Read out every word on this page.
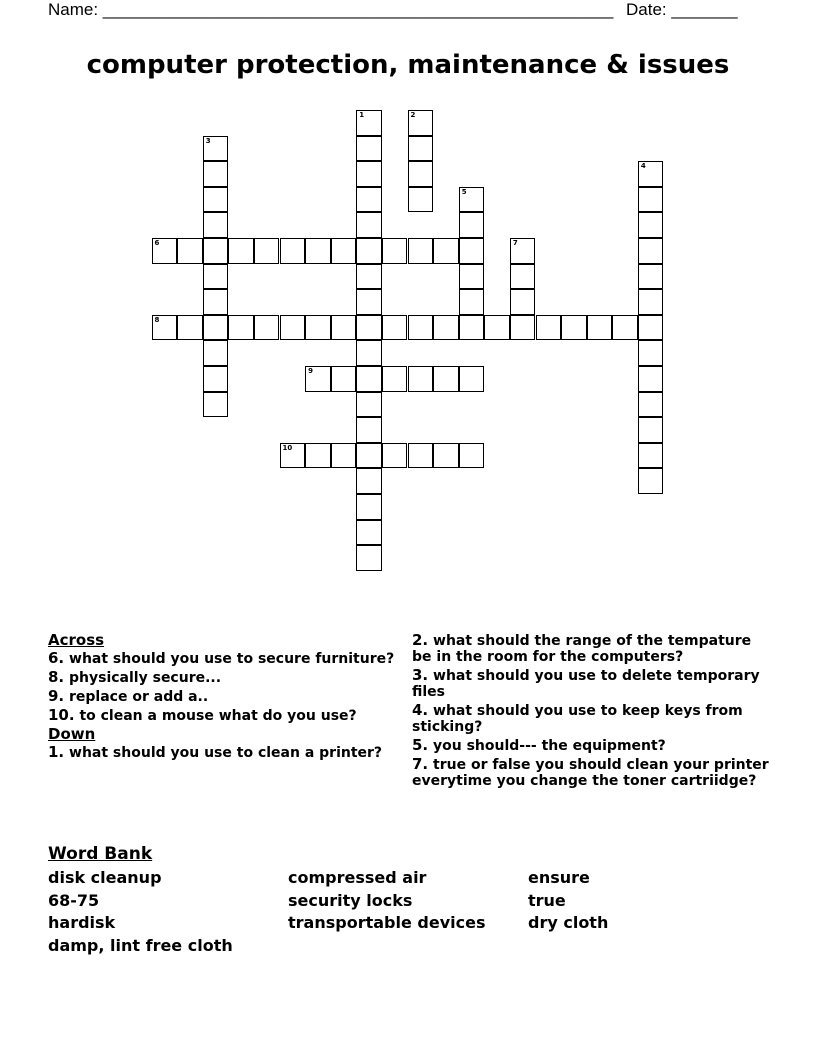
Name: ______________________________________________________ Date: _______
computer protection, maintenance & issues
1	2
3
4
5
6	7
8
9
10
Across
6. what should you use to secure furniture?
8. physically secure...
9. replace or add a..
10. to clean a mouse what do you use?
Down
1. what should you use to clean a printer?
2. what should the range of the tempature be in the room for the computers?
3. what should you use to delete temporary files
4. what should you use to keep keys from sticking?
5. you should--- the equipment?
7. true or false you should clean your printer everytime you change the toner cartriidge?
Word Bank
disk cleanup	compressed air	ensure
68-75	security locks	true
hardisk	transportable devices	dry cloth
damp, lint free cloth
